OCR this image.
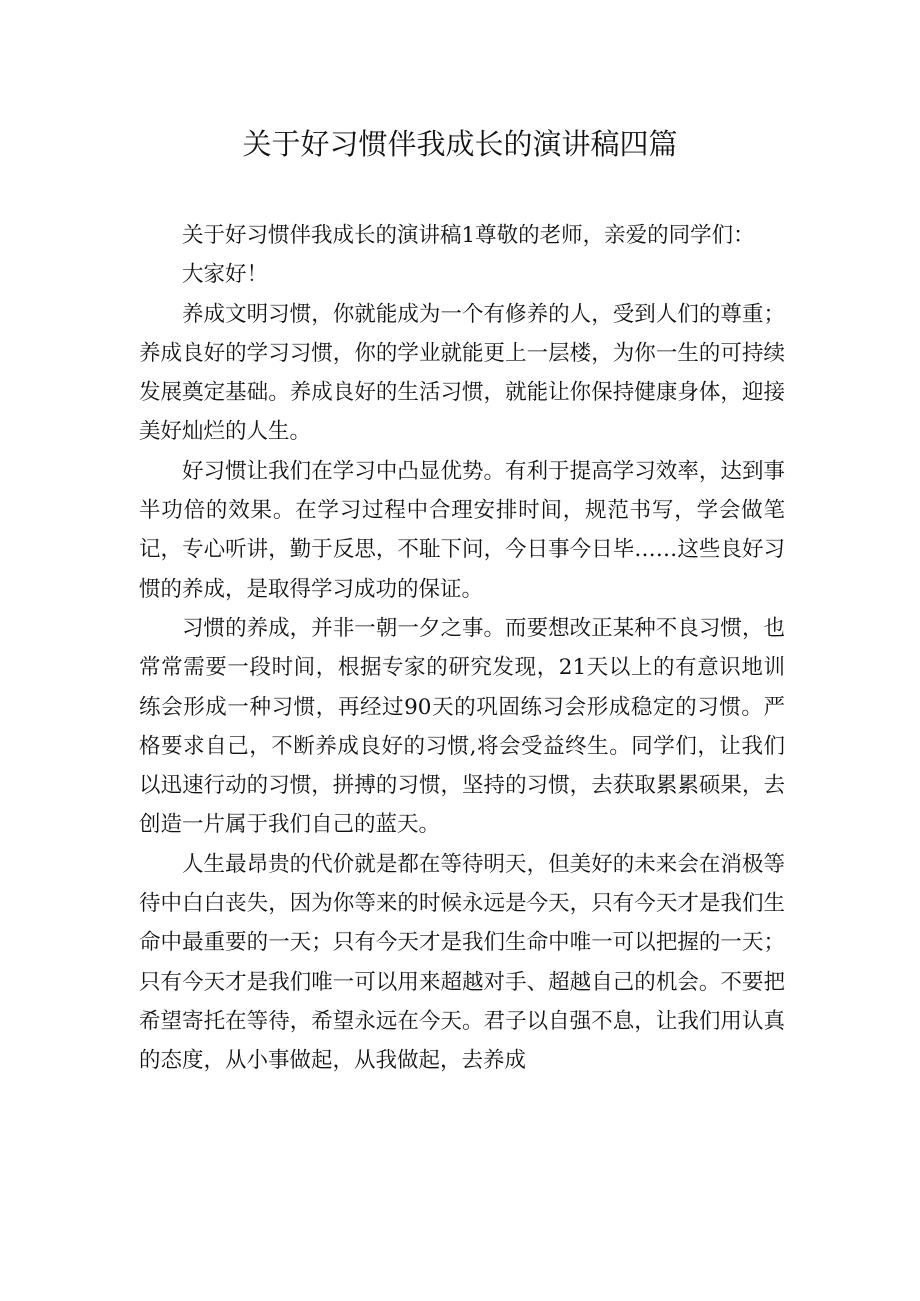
关于好习惯伴我成长的演讲稿四篇

关于好习惯伴我成长的演讲稿1尊敬的老师，亲爱的同学们：

大家好！

养成文明习惯，你就能成为一个有修养的人，受到人们的尊重；养成良好的学习习惯，你的学业就能更上一层楼，为你一生的可持续发展奠定基础。养成良好的生活习惯，就能让你保持健康身体，迎接美好灿烂的人生。

好习惯让我们在学习中凸显优势。有利于提高学习效率，达到事半功倍的效果。在学习过程中合理安排时间，规范书写，学会做笔记，专心听讲，勤于反思，不耻下问，今日事今日毕……这些良好习惯的养成，是取得学习成功的保证。

习惯的养成，并非一朝一夕之事。而要想改正某种不良习惯，也常常需要一段时间，根据专家的研究发现，21天以上的有意识地训练会形成一种习惯，再经过90天的巩固练习会形成稳定的习惯。严格要求自己，不断养成良好的习惯,将会受益终生。同学们，让我们以迅速行动的习惯，拼搏的习惯，坚持的习惯，去获取累累硕果，去创造一片属于我们自己的蓝天。

人生最昂贵的代价就是都在等待明天，但美好的未来会在消极等待中白白丧失，因为你等来的时候永远是今天，只有今天才是我们生命中最重要的一天；只有今天才是我们生命中唯一可以把握的一天；只有今天才是我们唯一可以用来超越对手、超越自己的机会。不要把希望寄托在等待，希望永远在今天。君子以自强不息，让我们用认真的态度，从小事做起，从我做起，去养成
